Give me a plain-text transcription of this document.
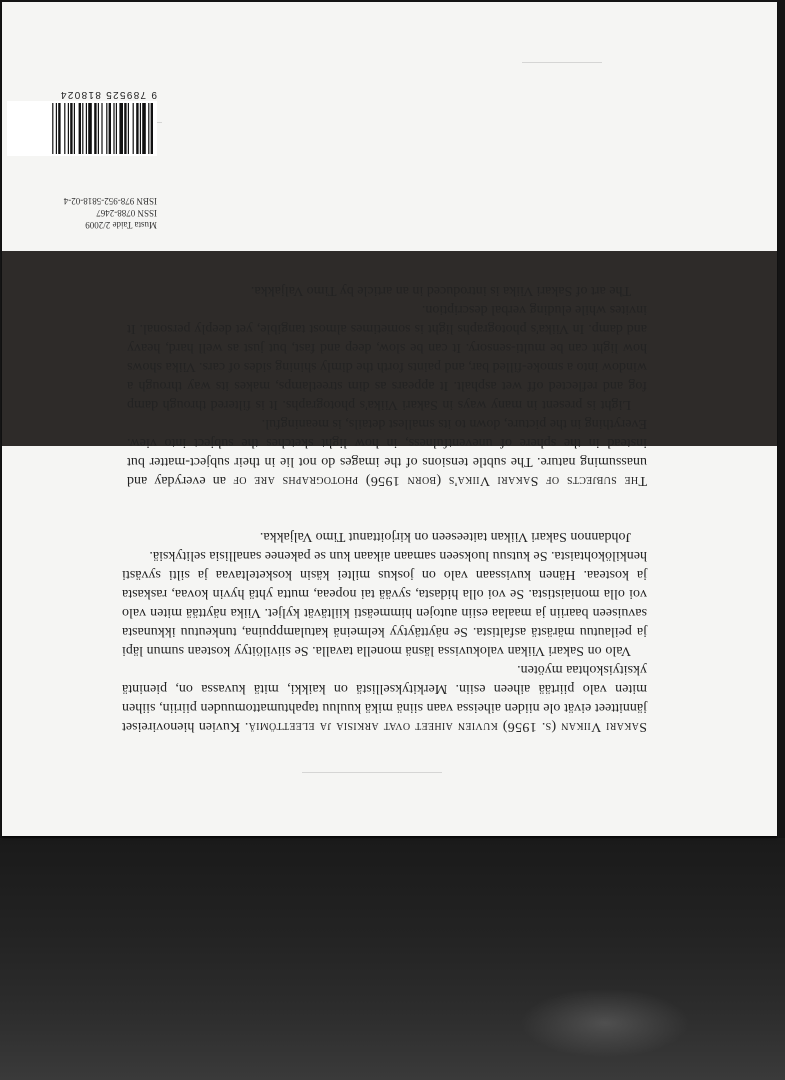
Sakari Viikan (s. 1956) kuvien aiheet ovat arkisia ja eleettömiä. Kuvien hienovireiset jännitteet eivät ole niiden aiheissa vaan siinä mikä kuuluu tapahtumattomuuden piiriin, siihen miten valo piirtää aiheen esiin. Merkityksellistä on kaikki, mitä kuvassa on, pienintä yksityiskohtaa myöten.

Valo on Sakari Viikan valokuvissa läsnä monella tavalla. Se siivilöityy kostean sumun läpi ja peilautuu märästä asfaltista. Se näyttäytyy kelmeinä katulamppuina, tunkeutuu ikkunasta savuiseen baariin ja maalaa esiin autojen himmeästi kiiltävät kyljet. Viika näyttää miten valo voi olla moniaistista. Se voi olla hidasta, syvää tai nopeaa, mutta yhtä hyvin kovaa, raskasta ja kosteaa. Hänen kuvissaan valo on joskus miltei käsin kosketeltavaa ja silti syvästi henkilökohtaista. Se kutsuu luokseen samaan aikaan kun se pakenee sanallisia selityksiä.

Johdannon Sakari Viikan taiteeseen on kirjoittanut Timo Valjakka.

The subjects of Sakari Viika's (born 1956) photographs are of an everyday and unassuming nature. The subtle tensions of the images do not lie in their subject-matter but instead in the sphere of uneventfulness, in how light sketches the subject into view. Everything in the picture, down to its smallest details, is meaningful.

Light is present in many ways in Sakari Viika's photographs. It is filtered through damp fog and reflected off wet asphalt. It appears as dim streetlamps, makes its way through a window into a smoke-filled bar, and paints forth the dimly shining sides of cars. Viika shows how light can be multi-sensory. It can be slow, deep and fast, but just as well hard, heavy and damp. In Viika's photographs light is sometimes almost tangible, yet deeply personal. It invites while eluding verbal description.

The art of Sakari Viika is introduced in an article by Timo Valjakka.

Musta Taide 2/2009
ISSN 0788-2467
ISBN 978-952-5818-02-4
9 789525 818024
